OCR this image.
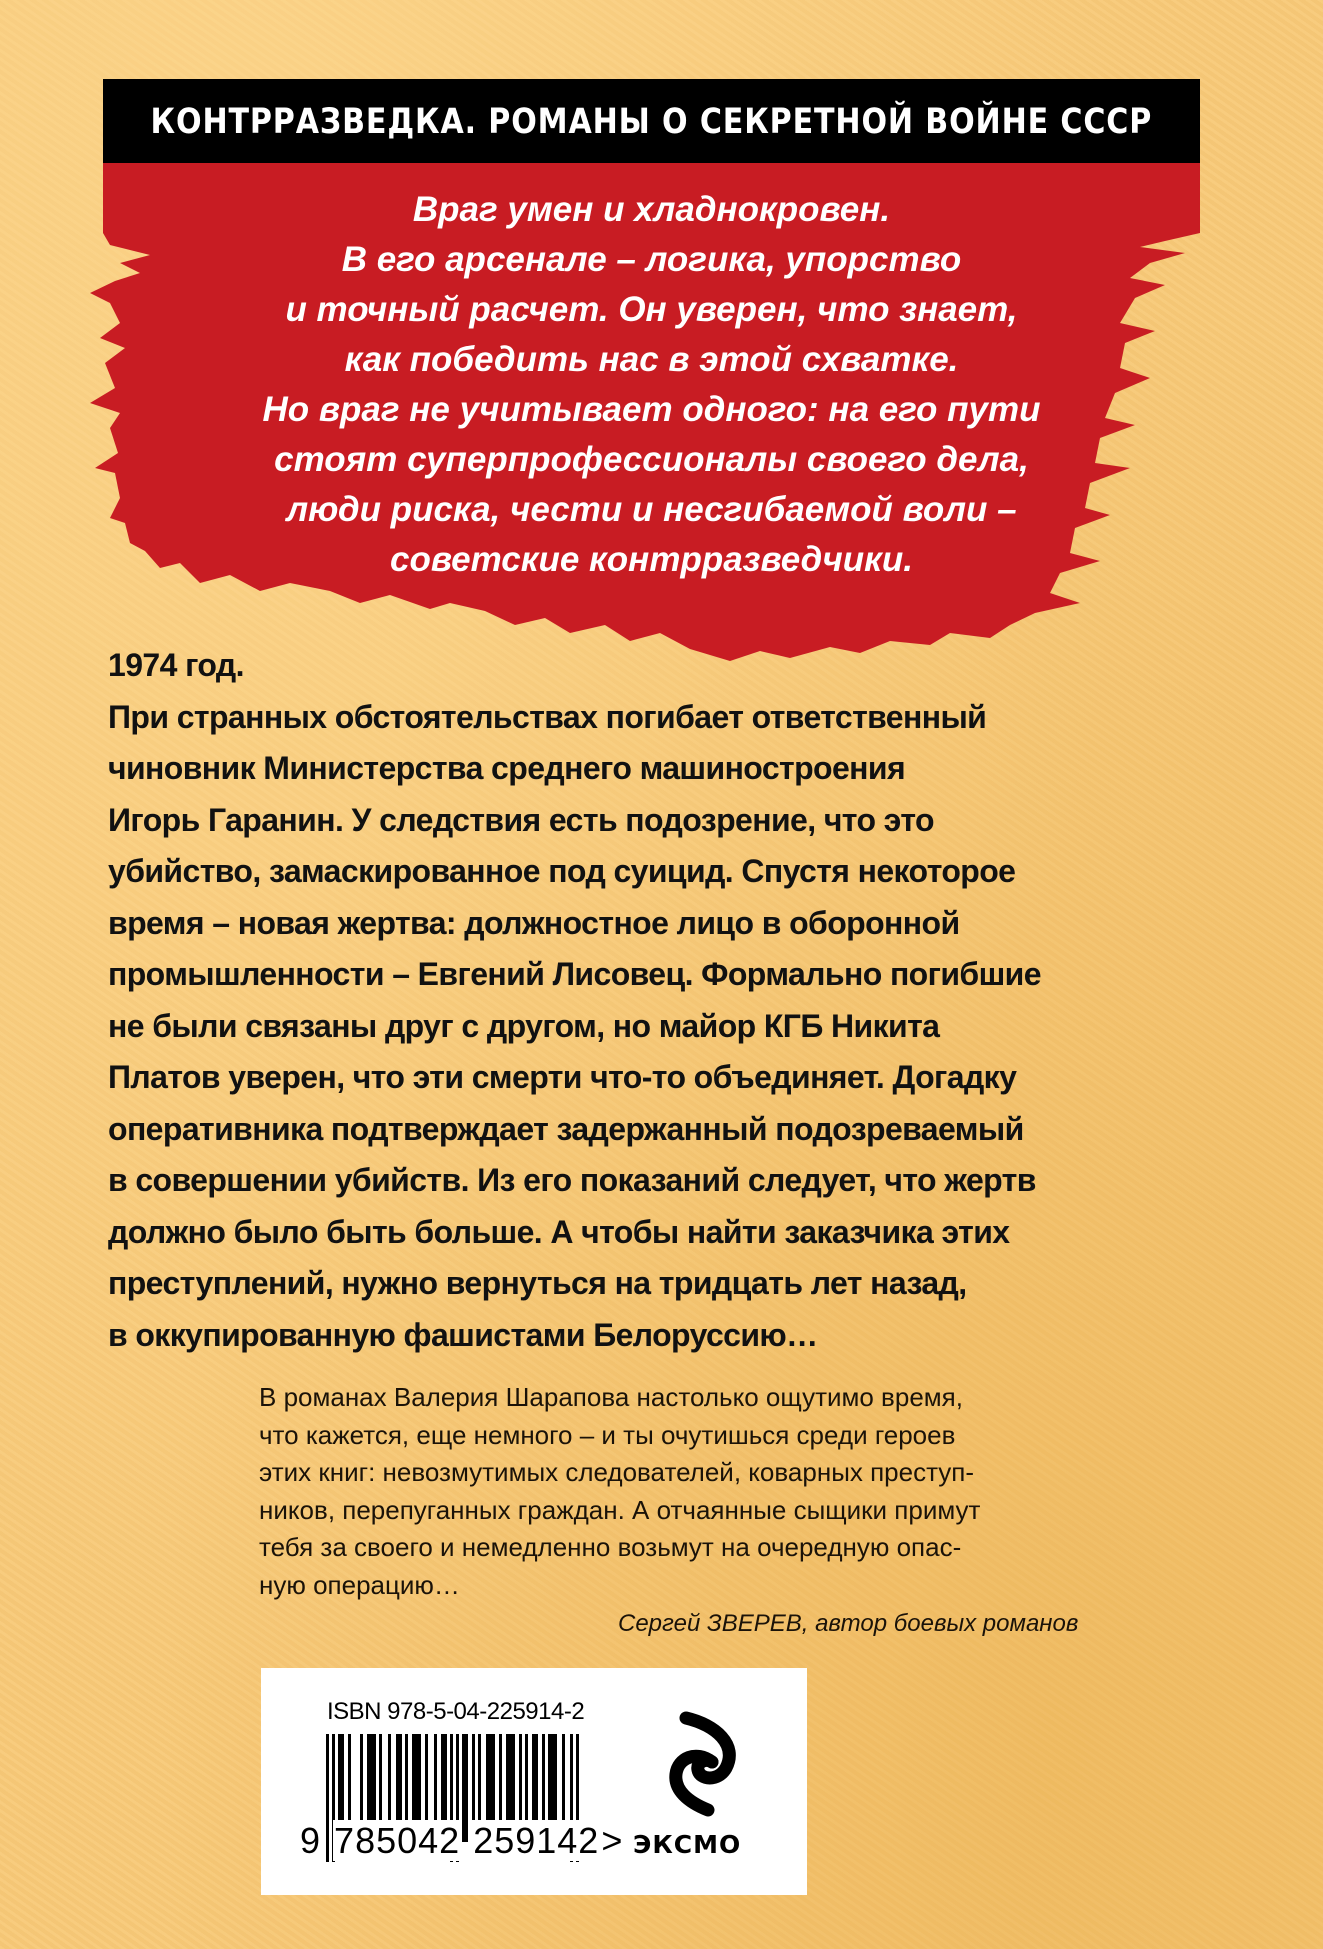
КОНТРРАЗВЕДКА. РОМАНЫ О СЕКРЕТНОЙ ВОЙНЕ СССР
Враг умен и хладнокровен.
В его арсенале – логика, упорство
и точный расчет. Он уверен, что знает,
как победить нас в этой схватке.
Но враг не учитывает одного: на его пути
стоят суперпрофессионалы своего дела,
люди риска, чести и несгибаемой воли –
советские контрразведчики.
1974 год.
При странных обстоятельствах погибает ответственный
чиновник Министерства среднего машиностроения
Игорь Гаранин. У следствия есть подозрение, что это
убийство, замаскированное под суицид. Спустя некоторое
время – новая жертва: должностное лицо в оборонной
промышленности – Евгений Лисовец. Формально погибшие
не были связаны друг с другом, но майор КГБ Никита
Платов уверен, что эти смерти что-то объединяет. Догадку
оперативника подтверждает задержанный подозреваемый
в совершении убийств. Из его показаний следует, что жертв
должно было быть больше. А чтобы найти заказчика этих
преступлений, нужно вернуться на тридцать лет назад,
в оккупированную фашистами Белоруссию…
В романах Валерия Шарапова настолько ощутимо время,
что кажется, еще немного – и ты очутишься среди героев
этих книг: невозмутимых следователей, коварных преступ-
ников, перепуганных граждан. А отчаянные сыщики примут
тебя за своего и немедленно возьмут на очередную опас-
ную операцию…
Сергей ЗВЕРЕВ, автор боевых романов
ISBN 978-5-04-225914-2
9 785042 259142> ЭКСМО
